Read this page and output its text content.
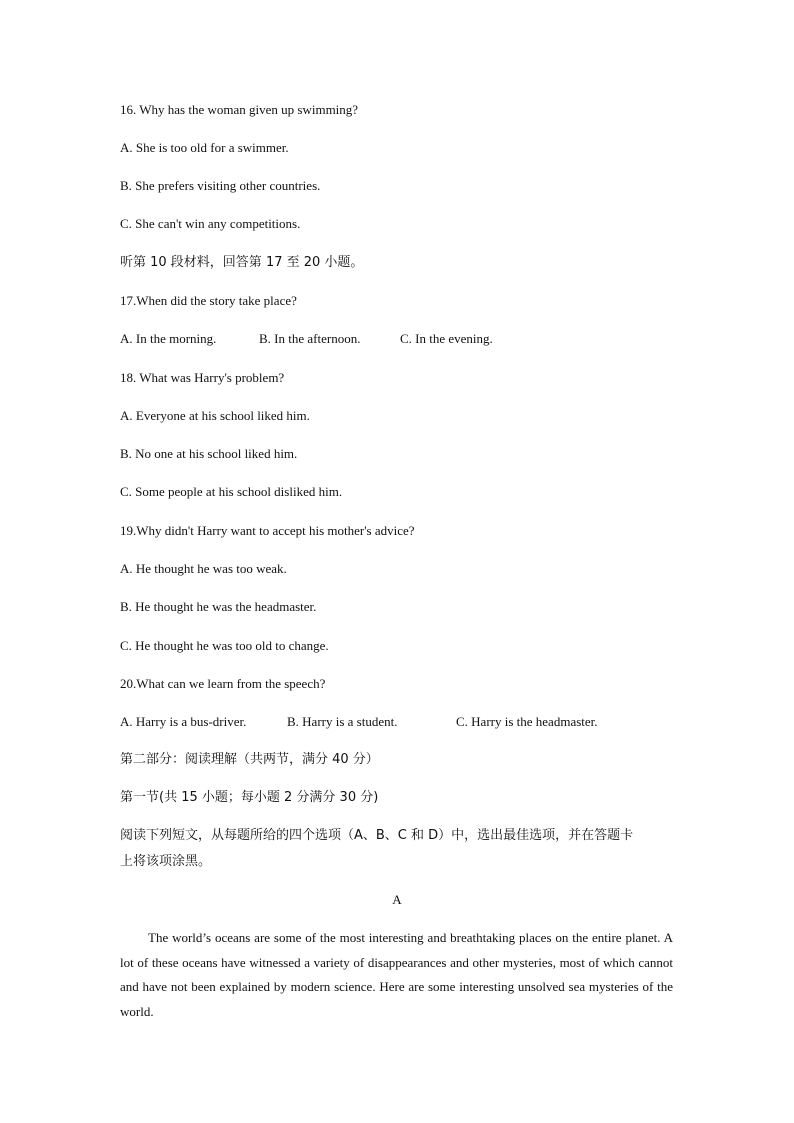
16. Why has the woman given up swimming?
A. She is too old for a swimmer.
B. She prefers visiting other countries.
C. She can't win any competitions.
听第 10 段材料，回答第 17 至 20 小题。
17.When did the story take place?
A. In the morning.	B. In the afternoon.	C. In the evening.
18. What was Harry's problem?
A. Everyone at his school liked him.
B. No one at his school liked him.
C. Some people at his school disliked him.
19.Why didn't Harry want to accept his mother's advice?
A. He thought he was too weak.
B. He thought he was the headmaster.
C. He thought he was too old to change.
20.What can we learn from the speech?
A. Harry is a bus-driver.	B. Harry is a student.	C. Harry is the headmaster.
第二部分：阅读理解（共两节，满分 40 分）
第一节(共 15 小题；每小题 2 分满分 30 分)
阅读下列短文，从每题所给的四个选项（A、B、C 和 D）中，选出最佳选项，并在答题卡
上将该项涂黑。
A
The world’s oceans are some of the most interesting and breathtaking places on the entire planet. A lot of these oceans have witnessed a variety of disappearances and other mysteries, most of which cannot and have not been explained by modern science. Here are some interesting unsolved sea mysteries of the world.
